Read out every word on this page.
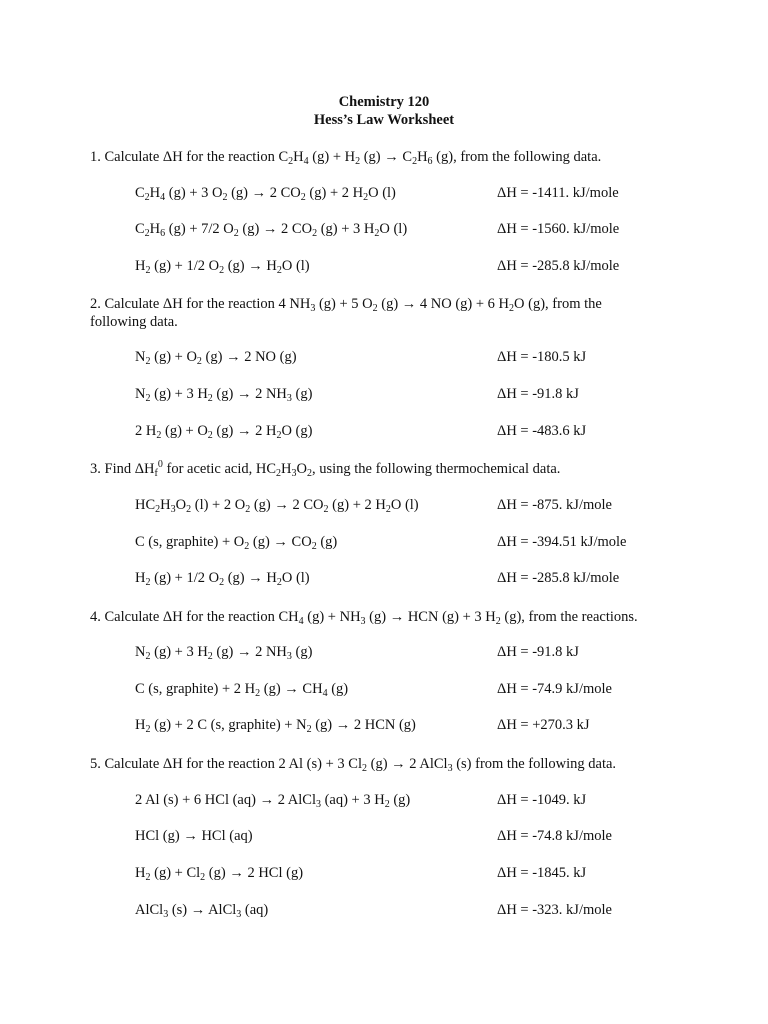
Chemistry 120
Hess’s Law Worksheet
1. Calculate ΔH for the reaction $C_2H_4$ $(g) + H_2$ $(g) \to C_2H_6$ (g), from the following data.
$C_2H_4$ (g) + 3 $O_2$ (g) → 2 $CO_2$ (g) + 2 $H_2O$ (l)	ΔH = -1411. kJ/mole
$C_2H_6$ (g) + 7/2 $O_2$ (g) → 2 $CO_2$ (g) + 3 $H_2O$ (l)	ΔH = -1560. kJ/mole
$H_2$ (g) + 1/2 $O_2$ $(g) \to H_2O$ (l)	ΔH = -285.8 kJ/mole
2. Calculate ΔH for the reaction 4 $NH_3$ (g) + 5 $O_2$ (g) → 4 NO (g) + 6 $H_2O$ (g), from the following data.
$N_2$ $(g) + O_2$ (g) → 2 NO (g)	ΔH = -180.5 kJ
$N_2$ (g) + 3 $H_2$ (g) → 2 $NH_3$ (g)	ΔH = -91.8 kJ
2 $H_2$ $(g) + O_2$ (g) → 2 $H_2O$ (g)	ΔH = -483.6 kJ
3. Find $\Delta H_f^0$ for acetic acid, $HC_2H_3O_2$, using the following thermochemical data.
$HC_2H_3O_2$ (l) + 2 $O_2$ (g) → 2 $CO_2$ (g) + 2 $H_2O$ (l)	ΔH = -875. kJ/mole
C (s, graphite) + $O_2$ $(g) \to CO_2$ (g)	ΔH = -394.51 kJ/mole
$H_2$ (g) + 1/2 $O_2$ $(g) \to H_2O$ (l)	ΔH = -285.8 kJ/mole
4. Calculate ΔH for the reaction $CH_4$ $(g) + NH_3$ (g) → HCN (g) + 3 $H_2$ (g), from the reactions.
$N_2$ (g) + 3 $H_2$ (g) → 2 $NH_3$ (g)	ΔH = -91.8 kJ
C (s, graphite) + 2 $H_2$ $(g) \to CH_4$ (g)	ΔH = -74.9 kJ/mole
$H_2$ (g) + 2 C (s, graphite) + $N_2$ (g) → 2 HCN (g)	ΔH = +270.3 kJ
5. Calculate ΔH for the reaction 2 Al (s) + 3 $Cl_2$ (g) → 2 AlCl$_3$ (s) from the following data.
2 Al (s) + 6 HCl (aq) → 2 AlCl$_3$ (aq) + 3 $H_2$ (g)	ΔH = -1049. kJ
HCl (g) → HCl (aq)	ΔH = -74.8 kJ/mole
$H_2$ $(g) + Cl_2$ (g) → 2 HCl (g)	ΔH = -1845. kJ
AlCl$_3$ (s) → AlCl$_3$ (aq)	ΔH = -323. kJ/mole
